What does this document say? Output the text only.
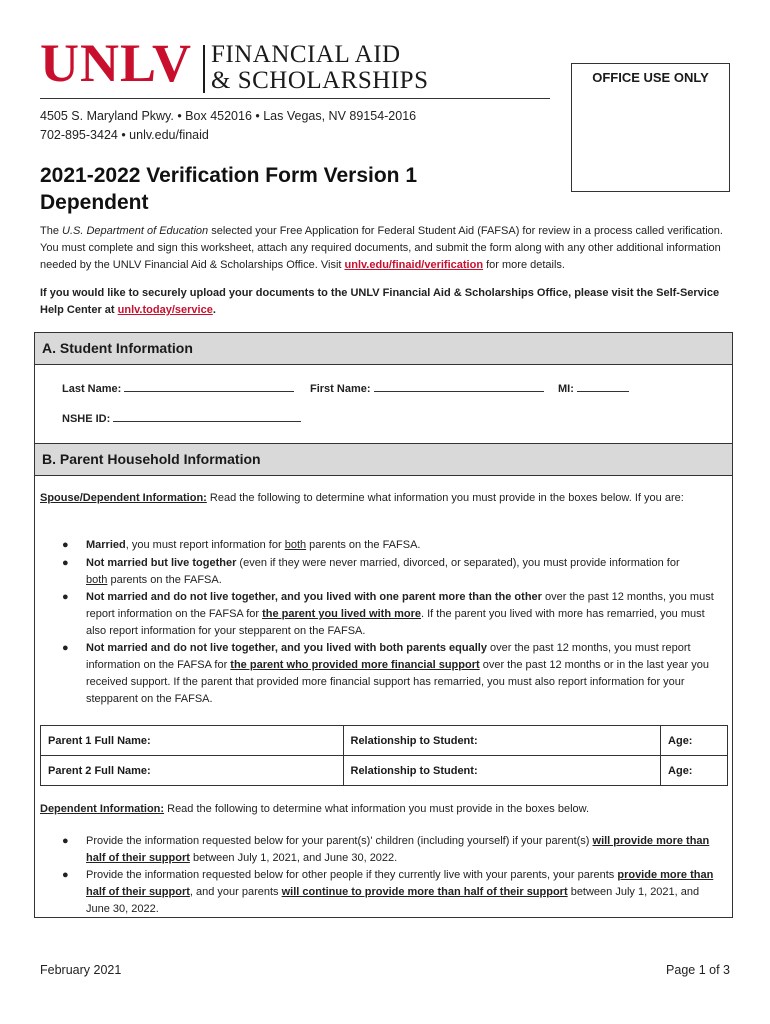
UNLV FINANCIAL AID
& SCHOLARSHIPS	OFFICE USE ONLY
4505 S. Maryland Pkwy. • Box 452016 • Las Vegas, NV 89154-2016
702-895-3424 • unlv.edu/finaid
2021-2022 Verification Form Version 1
Dependent
The U.S. Department of Education selected your Free Application for Federal Student Aid (FAFSA) for review in a process called verification. You must complete and sign this worksheet, attach any required documents, and submit the form along with any other additional information needed by the UNLV Financial Aid & Scholarships Office. Visit unlv.edu/finaid/verification for more details.
If you would like to securely upload your documents to the UNLV Financial Aid & Scholarships Office, please visit the Self-Service Help Center at unlv.today/service.
A. Student Information
Last Name:	First Name:	MI:
NSHE ID:
B. Parent Household Information
Spouse/Dependent Information: Read the following to determine what information you must provide in the boxes below. If you are:
● Married, you must report information for both parents on the FAFSA.
● Not married but live together (even if they were never married, divorced, or separated), you must provide information for both parents on the FAFSA.
● Not married and do not live together, and you lived with one parent more than the other over the past 12 months, you must report information on the FAFSA for the parent you lived with more. If the parent you lived with more has remarried, you must also report information for your stepparent on the FAFSA.
● Not married and do not live together, and you lived with both parents equally over the past 12 months, you must report information on the FAFSA for the parent who provided more financial support over the past 12 months or in the last year you received support. If the parent that provided more financial support has remarried, you must also report information for your stepparent on the FAFSA.
Parent 1 Full Name:	Relationship to Student:	Age:
Parent 2 Full Name:	Relationship to Student:	Age:
Dependent Information: Read the following to determine what information you must provide in the boxes below.
● Provide the information requested below for your parent(s)' children (including yourself) if your parent(s) will provide more than half of their support between July 1, 2021, and June 30, 2022.
● Provide the information requested below for other people if they currently live with your parents, your parents provide more than half of their support, and your parents will continue to provide more than half of their support between July 1, 2021, and June 30, 2022.
February 2021	Page 1 of 3
